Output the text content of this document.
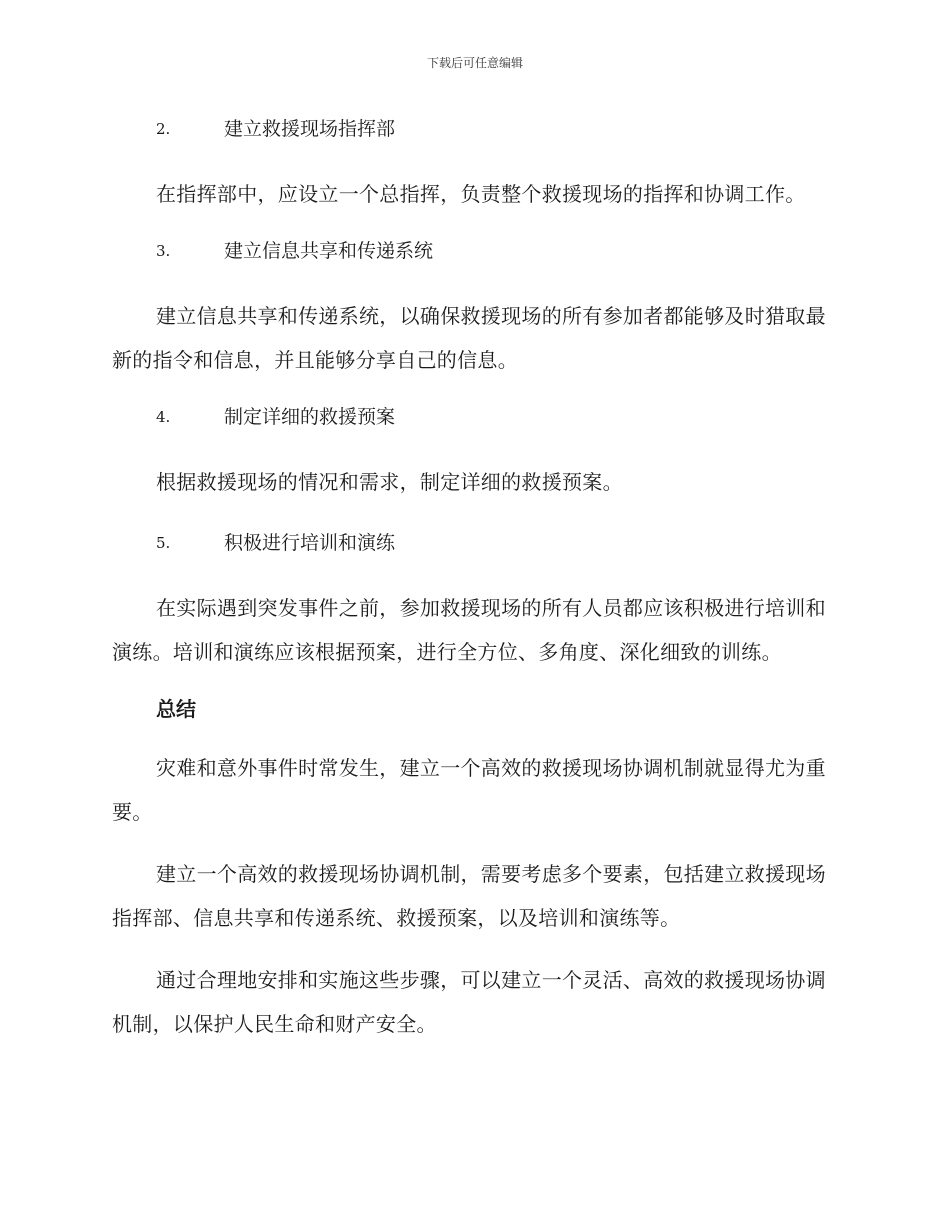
下载后可任意编辑
2.	建立救援现场指挥部

在指挥部中，应设立一个总指挥，负责整个救援现场的指挥和协调工作。

3.	建立信息共享和传递系统

建立信息共享和传递系统，以确保救援现场的所有参加者都能够及时猎取最新的指令和信息，并且能够分享自己的信息。

4.	制定详细的救援预案

根据救援现场的情况和需求，制定详细的救援预案。

5.	积极进行培训和演练

在实际遇到突发事件之前，参加救援现场的所有人员都应该积极进行培训和演练。培训和演练应该根据预案，进行全方位、多角度、深化细致的训练。

总结

灾难和意外事件时常发生，建立一个高效的救援现场协调机制就显得尤为重要。

建立一个高效的救援现场协调机制，需要考虑多个要素，包括建立救援现场指挥部、信息共享和传递系统、救援预案，以及培训和演练等。

通过合理地安排和实施这些步骤，可以建立一个灵活、高效的救援现场协调机制，以保护人民生命和财产安全。
